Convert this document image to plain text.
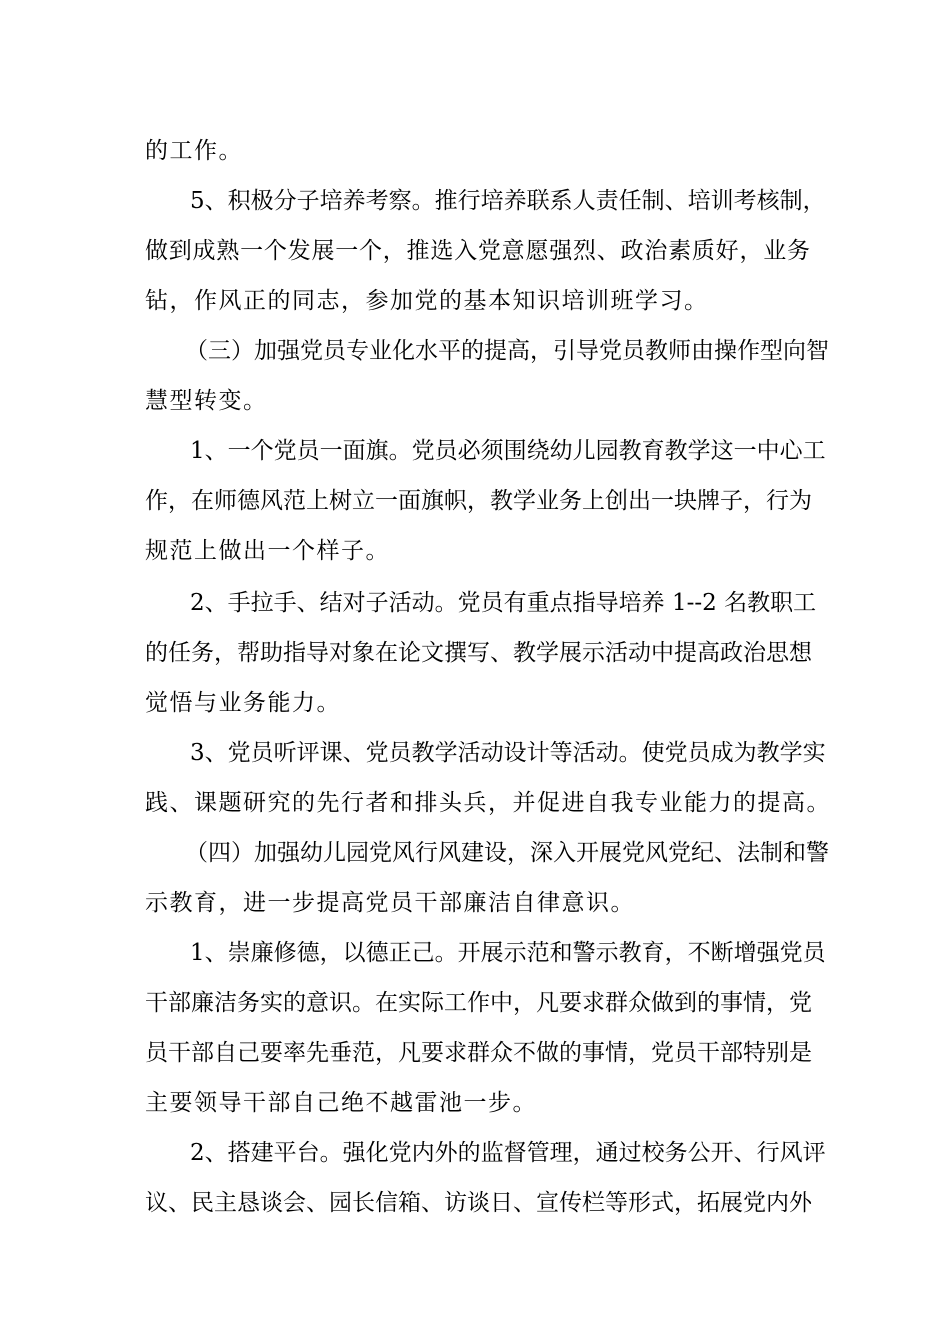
的工作。
5、积极分子培养考察。推行培养联系人责任制、培训考核制，
做到成熟一个发展一个，推选入党意愿强烈、政治素质好，业务
钻，作风正的同志，参加党的基本知识培训班学习。
（三）加强党员专业化水平的提高，引导党员教师由操作型向智
慧型转变。
1、一个党员一面旗。党员必须围绕幼儿园教育教学这一中心工
作，在师德风范上树立一面旗帜，教学业务上创出一块牌子，行为
规范上做出一个样子。
2、手拉手、结对子活动。党员有重点指导培养 1--2 名教职工
的任务，帮助指导对象在论文撰写、教学展示活动中提高政治思想
觉悟与业务能力。
3、党员听评课、党员教学活动设计等活动。使党员成为教学实
践、课题研究的先行者和排头兵，并促进自我专业能力的提高。
（四）加强幼儿园党风行风建设，深入开展党风党纪、法制和警
示教育，进一步提高党员干部廉洁自律意识。
1、崇廉修德，以德正己。开展示范和警示教育，不断增强党员
干部廉洁务实的意识。在实际工作中，凡要求群众做到的事情，党
员干部自己要率先垂范，凡要求群众不做的事情，党员干部特别是
主要领导干部自己绝不越雷池一步。
2、搭建平台。强化党内外的监督管理，通过校务公开、行风评
议、民主恳谈会、园长信箱、访谈日、宣传栏等形式，拓展党内外
